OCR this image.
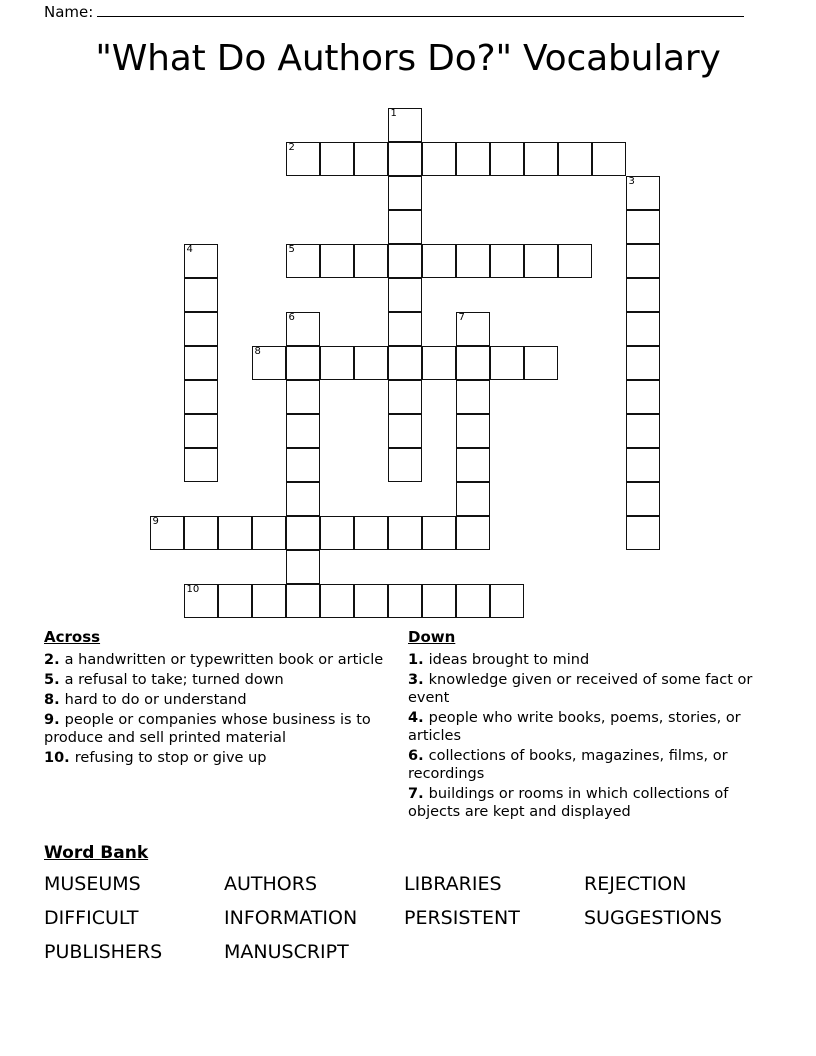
Name:
"What Do Authors Do?" Vocabulary
1
2
3
4	5
6	7
8
9
10
Across
2. a handwritten or typewritten book or article
5. a refusal to take; turned down
8. hard to do or understand
9. people or companies whose business is to produce and sell printed material
10. refusing to stop or give up
Down
1. ideas brought to mind
3. knowledge given or received of some fact or event
4. people who write books, poems, stories, or articles
6. collections of books, magazines, films, or recordings
7. buildings or rooms in which collections of objects are kept and displayed
Word Bank
MUSEUMS	AUTHORS	LIBRARIES	REJECTION
DIFFICULT	INFORMATION	PERSISTENT	SUGGESTIONS
PUBLISHERS	MANUSCRIPT
